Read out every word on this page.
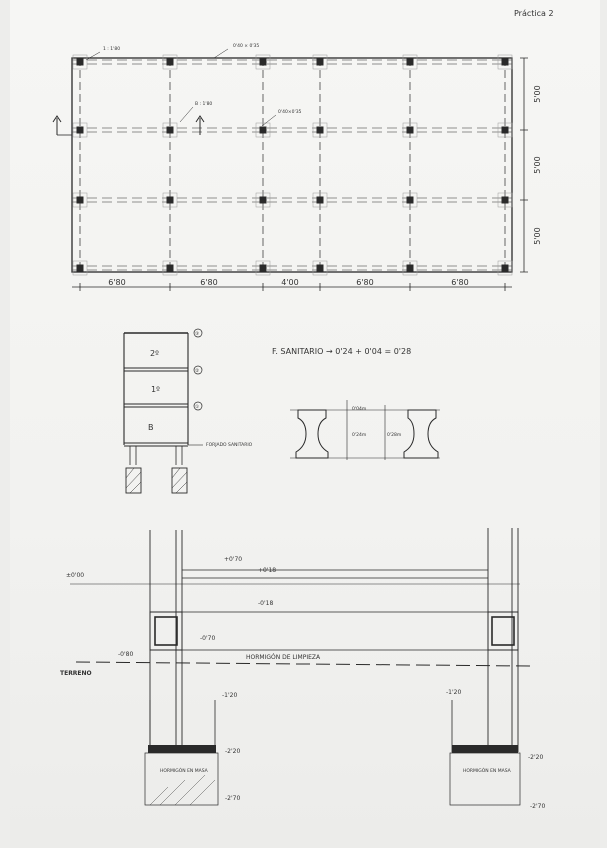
Práctica 2
1 : 1'80
0'40 × 0'35
B : 1'80
0'40×0'35
6'80	6'80	4'00	6'80	6'80
5'00
5'00
5'00
2º
1º
B
③
②
①
FORJADO SANITARIO
F. SANITARIO → 0'24 + 0'04 = 0'28
0'04m
0'24m	0'28m
+0'70
+0'18
±0'00
-0'18
-0'70
-0'80
-1'20
-2'20
-2'20
-2'70
-1'20
-2'70
HORMIGÓN DE LIMPIEZA
TERRENO
HORMIGÓN EN MASA	HORMIGÓN EN MASA
